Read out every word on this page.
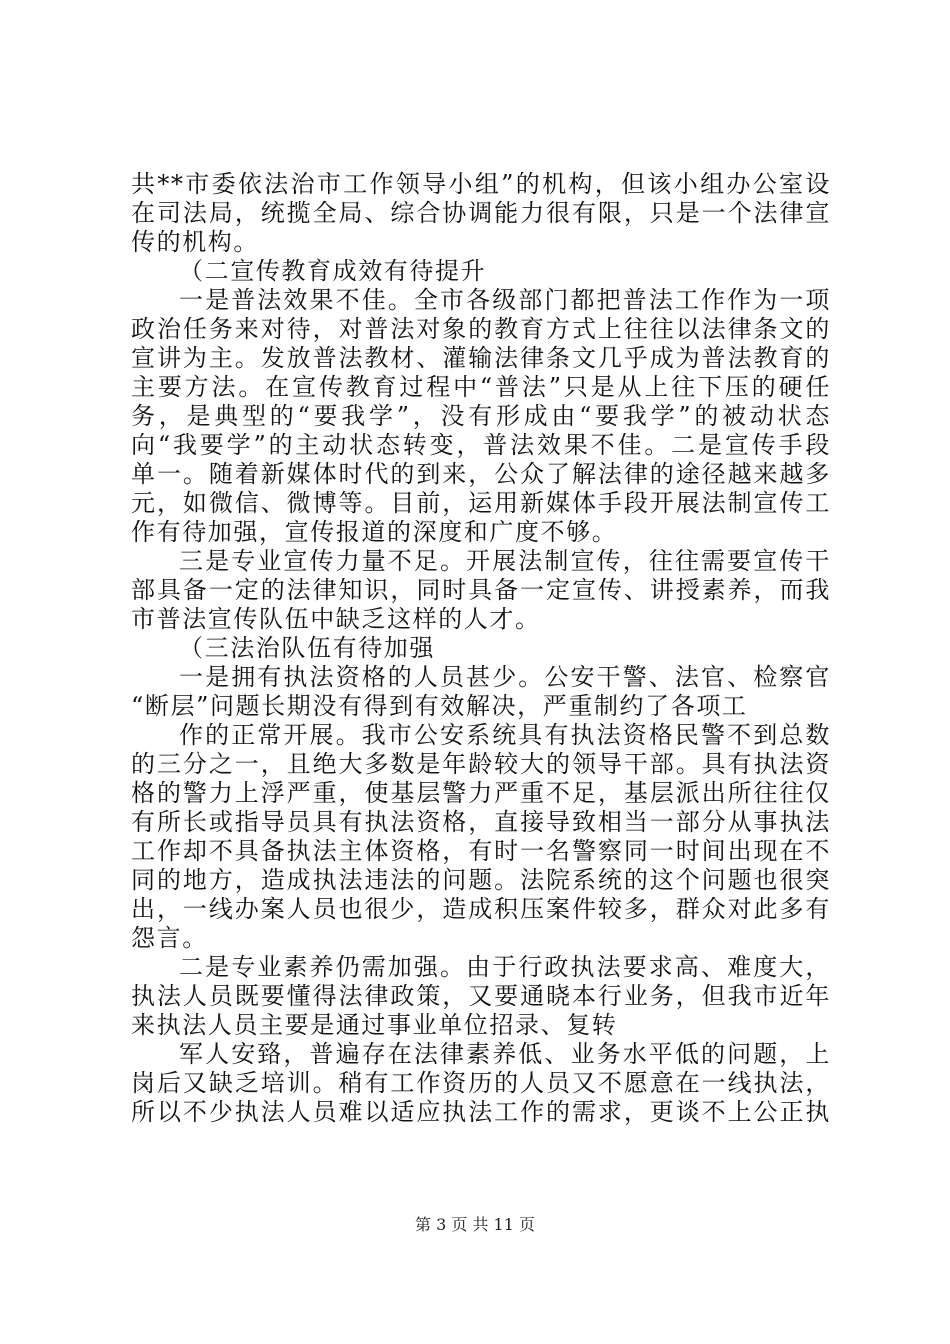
共**市委依法治市工作领导小组”的机构，但该小组办公室设
在司法局，统揽全局、综合协调能力很有限，只是一个法律宣
传的机构。
（二宣传教育成效有待提升
一是普法效果不佳。全市各级部门都把普法工作作为一项
政治任务来对待，对普法对象的教育方式上往往以法律条文的
宣讲为主。发放普法教材、灌输法律条文几乎成为普法教育的
主要方法。在宣传教育过程中“普法”只是从上往下压的硬任
务，是典型的“要我学”，没有形成由“要我学”的被动状态
向“我要学”的主动状态转变，普法效果不佳。二是宣传手段
单一。随着新媒体时代的到来，公众了解法律的途径越来越多
元，如微信、微博等。目前，运用新媒体手段开展法制宣传工
作有待加强，宣传报道的深度和广度不够。
三是专业宣传力量不足。开展法制宣传，往往需要宣传干
部具备一定的法律知识，同时具备一定宣传、讲授素养，而我
市普法宣传队伍中缺乏这样的人才。
（三法治队伍有待加强
一是拥有执法资格的人员甚少。公安干警、法官、检察官
“断层”问题长期没有得到有效解决，严重制约了各项工
作的正常开展。我市公安系统具有执法资格民警不到总数
的三分之一，且绝大多数是年龄较大的领导干部。具有执法资
格的警力上浮严重，使基层警力严重不足，基层派出所往往仅
有所长或指导员具有执法资格，直接导致相当一部分从事执法
工作却不具备执法主体资格，有时一名警察同一时间出现在不
同的地方，造成执法违法的问题。法院系统的这个问题也很突
出，一线办案人员也很少，造成积压案件较多，群众对此多有
怨言。
二是专业素养仍需加强。由于行政执法要求高、难度大，
执法人员既要懂得法律政策，又要通晓本行业务，但我市近年
来执法人员主要是通过事业单位招录、复转
军人安臵，普遍存在法律素养低、业务水平低的问题，上
岗后又缺乏培训。稍有工作资历的人员又不愿意在一线执法，
所以不少执法人员难以适应执法工作的需求，更谈不上公正执
第 3 页 共 11 页
